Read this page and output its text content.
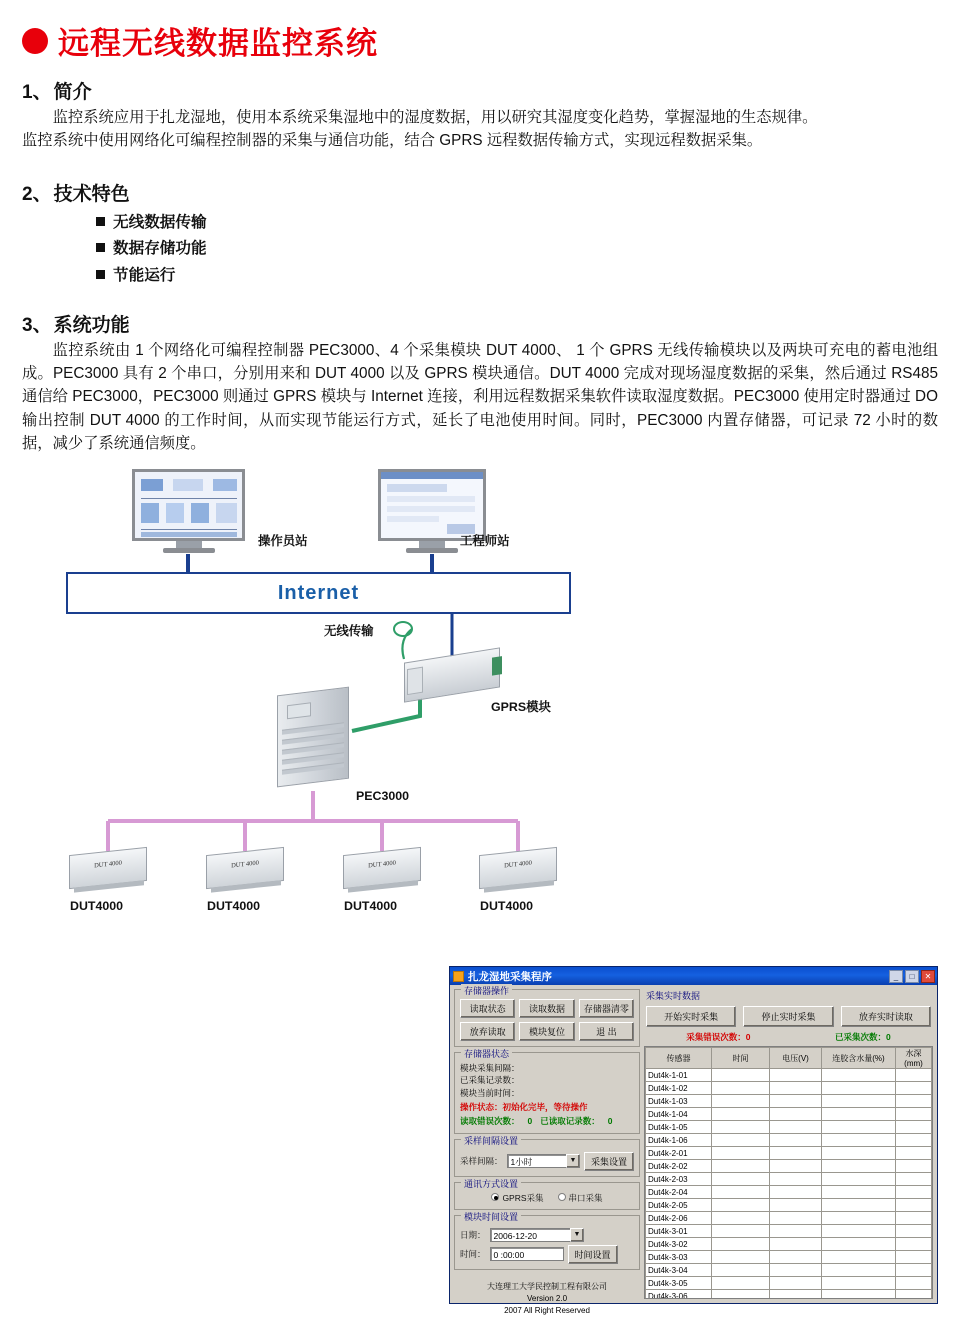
远程无线数据监控系统
1、 简介
监控系统应用于扎龙湿地，使用本系统采集湿地中的湿度数据，用以研究其湿度变化趋势，掌握湿地的生态规律。
监控系统中使用网络化可编程控制器的采集与通信功能，结合 GPRS 远程数据传输方式，实现远程数据采集。
2、 技术特色
无线数据传输
数据存储功能
节能运行
3、 系统功能
监控系统由 1 个网络化可编程控制器 PEC3000、4 个采集模块 DUT 4000、 1 个 GPRS 无线传输模块以及两块可充电的蓄电池组成。PEC3000 具有 2 个串口，分别用来和 DUT 4000 以及 GPRS 模块通信。DUT 4000 完成对现场湿度数据的采集，然后通过 RS485 通信给 PEC3000，PEC3000 则通过 GPRS 模块与 Internet 连接，利用远程数据采集软件读取湿度数据。PEC3000 使用定时器通过 DO 输出控制 DUT 4000 的工作时间，从而实现节能运行方式，延长了电池使用时间。同时，PEC3000 内置存储器，可记录 72 小时的数据，减少了系统通信频度。
操作员站	工程师站
Internet
无线传输
GPRS模块
PEC3000
DUT 4000
DUT4000
DUT 4000
DUT4000
DUT 4000
DUT4000
DUT 4000
DUT4000
扎龙湿地采集程序	_	□	✕
存储器操作
读取状态	读取数据	存储器清零
放弃读取	模块复位	退 出
存储器状态
模块采集间隔：
已采集记录数：
模块当前时间：
操作状态：初始化完毕，等待操作
读取错误次数： 0 已读取记录数： 0
采样间隔设置
采样间隔： 1小时	▼	采集设置
通讯方式设置
GPRS采集	串口采集
模块时间设置
日期： 2006-12-20	▼
时间： 0 :00:00	时间设置
大连理工大学民控制工程有限公司
Version 2.0
2007 All Right Reserved
采集实时数据
开始实时采集	停止实时采集	放弃实时读取
采集错误次数：0	已采集次数：0
传感器	时间	电压(V)	连胶含水量(%)	水深(mm)
Dut4k-1-01				
Dut4k-1-02				
Dut4k-1-03				
Dut4k-1-04				
Dut4k-1-05				
Dut4k-1-06				
Dut4k-2-01				
Dut4k-2-02				
Dut4k-2-03				
Dut4k-2-04				
Dut4k-2-05				
Dut4k-2-06				
Dut4k-3-01				
Dut4k-3-02				
Dut4k-3-03				
Dut4k-3-04				
Dut4k-3-05				
Dut4k-3-06				
